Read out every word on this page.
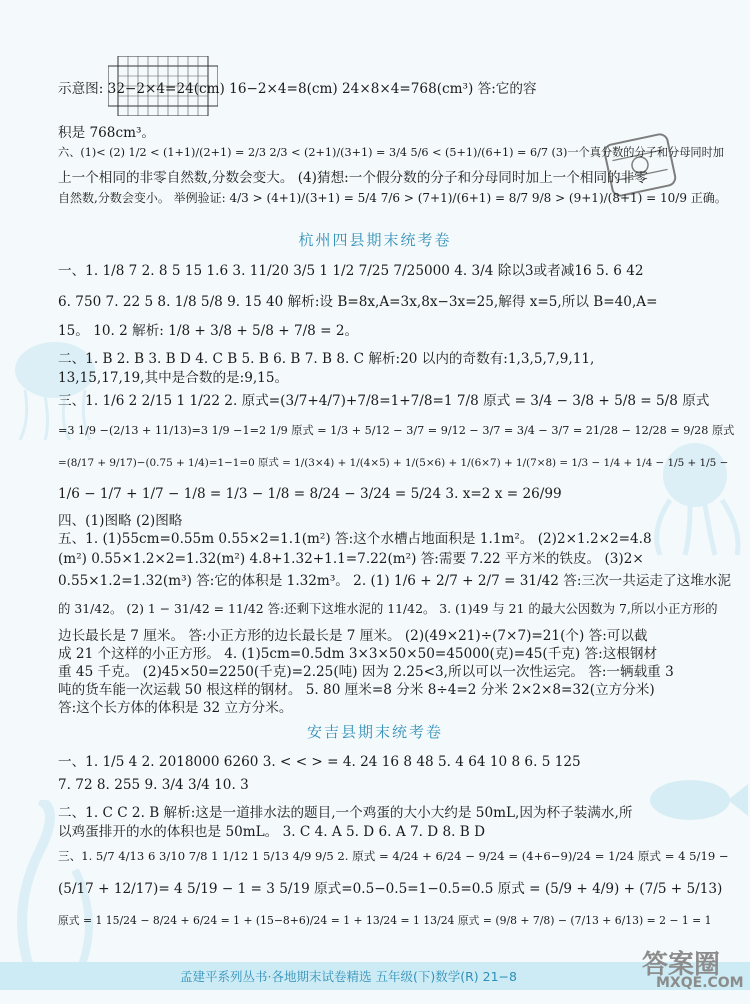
示意图: 32−2×4=24(cm) 16−2×4=8(cm) 24×8×4=768(cm³) 答:它的容
积是 768cm³。
六、(1)< (2) 1/2 < (1+1)/(2+1) = 2/3 2/3 < (2+1)/(3+1) = 3/4 5/6 < (5+1)/(6+1) = 6/7 (3)一个真分数的分子和分母同时加
上一个相同的非零自然数,分数会变大。 (4)猜想:一个假分数的分子和分母同时加上一个相同的非零
自然数,分数会变小。 举例验证: 4/3 > (4+1)/(3+1) = 5/4 7/6 > (7+1)/(6+1) = 8/7 9/8 > (9+1)/(8+1) = 10/9 正确。
杭州四县期末统考卷
一、1. 1/8 7 2. 8 5 15 1.6 3. 11/20 3/5 1 1/2 7/25 7/25000 4. 3/4 除以3或者减16 5. 6 42
6. 750 7. 22 5 8. 1/8 5/8 9. 15 40 解析:设 B=8x,A=3x,8x−3x=25,解得 x=5,所以 B=40,A=
15。 10. 2 解析: 1/8 + 3/8 + 5/8 + 7/8 = 2。
二、1. B 2. B 3. B D 4. C B 5. B 6. B 7. B 8. C 解析:20 以内的奇数有:1,3,5,7,9,11,
13,15,17,19,其中是合数的是:9,15。
三、1. 1/6 2 2/15 1 1/22 2. 原式=(3/7+4/7)+7/8=1+7/8=1 7/8 原式 = 3/4 − 3/8 + 5/8 = 5/8 原式
=3 1/9 −(2/13 + 11/13)=3 1/9 −1=2 1/9 原式 = 1/3 + 5/12 − 3/7 = 9/12 − 3/7 = 3/4 − 3/7 = 21/28 − 12/28 = 9/28 原式
=(8/17 + 9/17)−(0.75 + 1/4)=1−1=0 原式 = 1/(3×4) + 1/(4×5) + 1/(5×6) + 1/(6×7) + 1/(7×8) = 1/3 − 1/4 + 1/4 − 1/5 + 1/5 −
1/6 − 1/7 + 1/7 − 1/8 = 1/3 − 1/8 = 8/24 − 3/24 = 5/24 3. x=2 x = 26/99
四、(1)图略 (2)图略
五、1. (1)55cm=0.55m 0.55×2=1.1(m²) 答:这个水槽占地面积是 1.1m²。 (2)2×1.2×2=4.8
(m²) 0.55×1.2×2=1.32(m²) 4.8+1.32+1.1=7.22(m²) 答:需要 7.22 平方米的铁皮。 (3)2×
0.55×1.2=1.32(m³) 答:它的体积是 1.32m³。 2. (1) 1/6 + 2/7 + 2/7 = 31/42 答:三次一共运走了这堆水泥
的 31/42。 (2) 1 − 31/42 = 11/42 答:还剩下这堆水泥的 11/42。 3. (1)49 与 21 的最大公因数为 7,所以小正方形的
边长最长是 7 厘米。 答:小正方形的边长最长是 7 厘米。 (2)(49×21)÷(7×7)=21(个) 答:可以截
成 21 个这样的小正方形。 4. (1)5cm=0.5dm 3×3×50×50=45000(克)=45(千克) 答:这根钢材
重 45 千克。 (2)45×50=2250(千克)=2.25(吨) 因为 2.25<3,所以可以一次性运完。 答:一辆载重 3
吨的货车能一次运载 50 根这样的钢材。 5. 80 厘米=8 分米 8÷4=2 分米 2×2×8=32(立方分米)
答:这个长方体的体积是 32 立方分米。
安吉县期末统考卷
一、1. 1/5 4 2. 2018000 6260 3. < < > = 4. 24 16 8 48 5. 4 64 10 8 6. 5 125
7. 72 8. 255 9. 3/4 3/4 10. 3
二、1. C C 2. B 解析:这是一道排水法的题目,一个鸡蛋的大小大约是 50mL,因为杯子装满水,所
以鸡蛋排开的水的体积也是 50mL。 3. C 4. A 5. D 6. A 7. D 8. B D
三、1. 5/7 4/13 6 3/10 7/8 1 1/12 1 5/13 4/9 9/5 2. 原式 = 4/24 + 6/24 − 9/24 = (4+6−9)/24 = 1/24 原式 = 4 5/19 −
(5/17 + 12/17)= 4 5/19 − 1 = 3 5/19 原式=0.5−0.5=1−0.5=0.5 原式 = (5/9 + 4/9) + (7/5 + 5/13)
原式 = 1 15/24 − 8/24 + 6/24 = 1 + (15−8+6)/24 = 1 + 13/24 = 1 13/24 原式 = (9/8 + 7/8) − (7/13 + 6/13) = 2 − 1 = 1
孟建平系列丛书·各地期末试卷精选 五年级(下)数学(R) 21−8	答案圈
MXQE.COM
